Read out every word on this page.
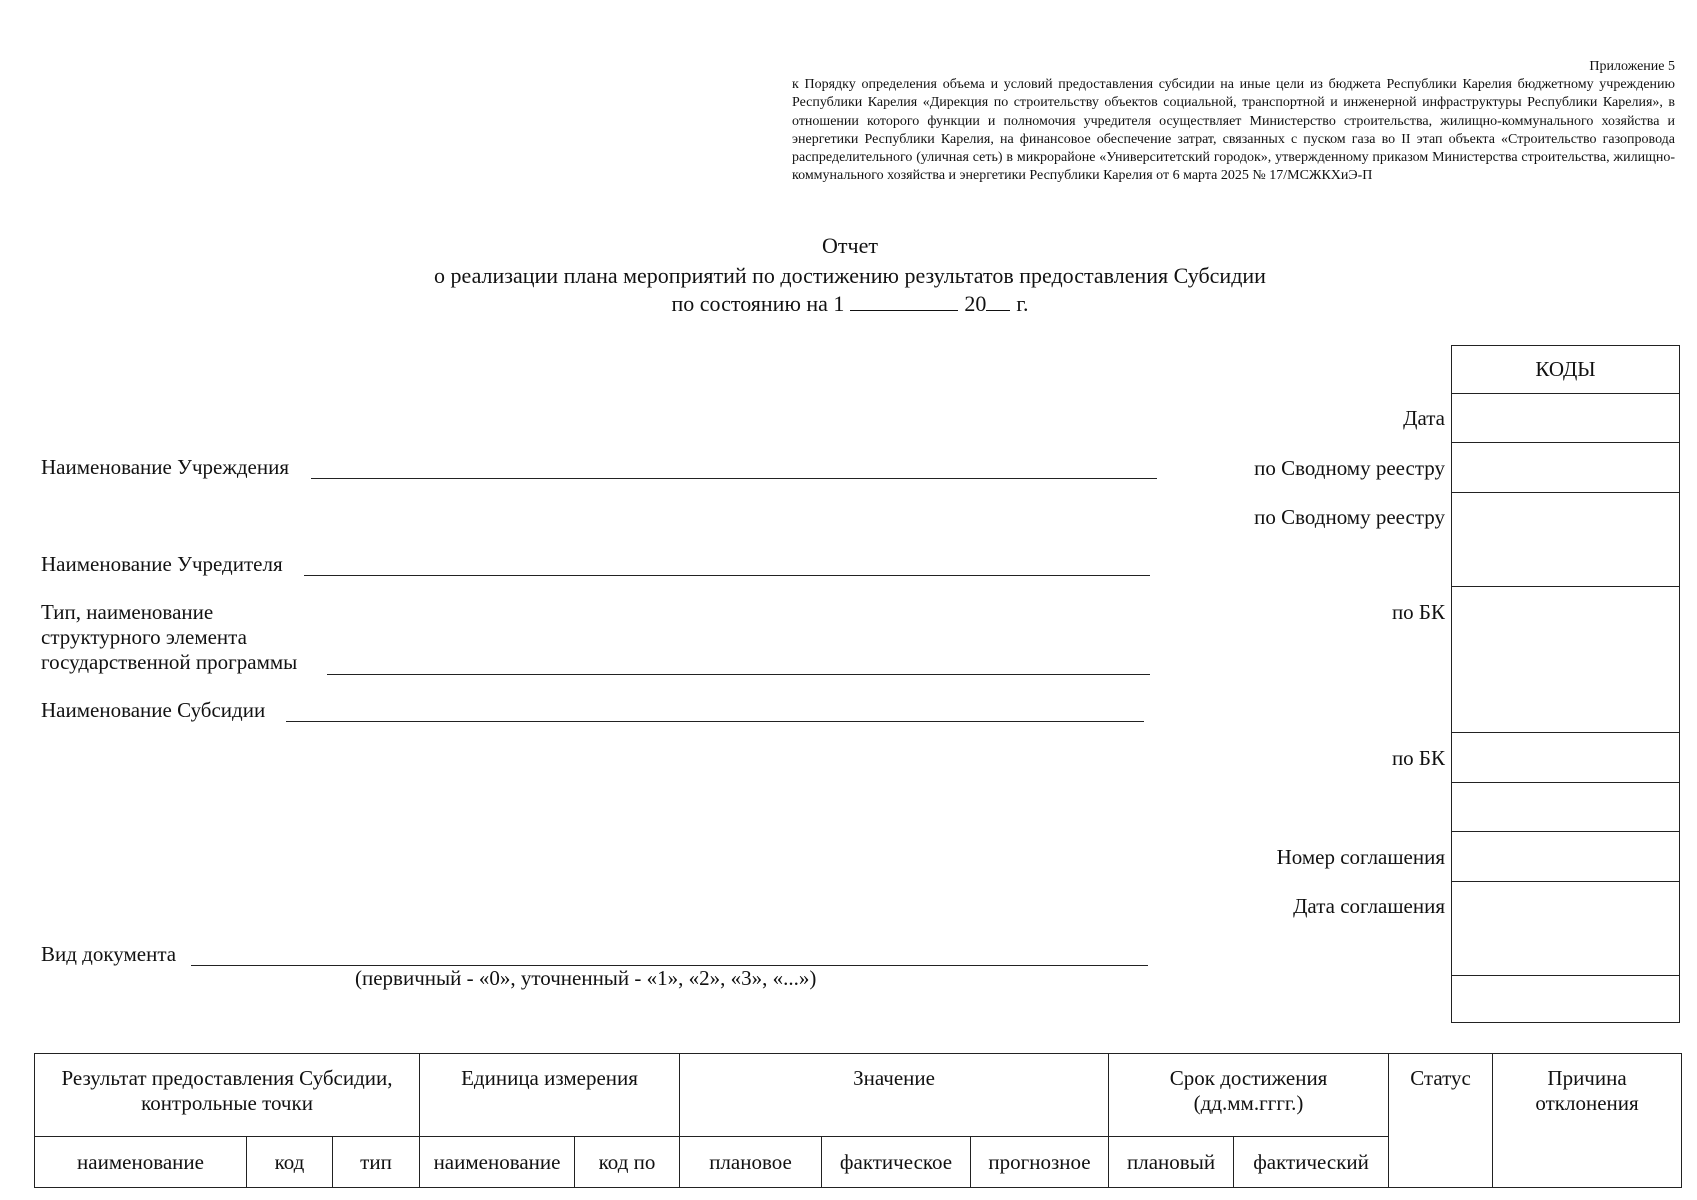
Приложение 5
к Порядку определения объема и условий предоставления субсидии на иные цели из бюджета Республики Карелия бюджетному учреждению Республики Карелия «Дирекция по строительству объектов социальной, транспортной и инженерной инфраструктуры Республики Карелия», в отношении которого функции и полномочия учредителя осуществляет Министерство строительства, жилищно-коммунального хозяйства и энергетики Республики Карелия, на финансовое обеспечение затрат, связанных с пуском газа во II этап объекта «Строительство газопровода распределительного (уличная сеть) в микрорайоне «Университетский городок», утвержденному приказом Министерства строительства, жилищно-коммунального хозяйства и энергетики Республики Карелия от 6 марта 2025 № 17/МСЖКХиЭ-П
Отчет
о реализации плана мероприятий по достижению результатов предоставления Субсидии
по состоянию на 1	20 г.
Наименование Учреждения
Наименование Учредителя
Тип, наименование
структурного элемента
государственной программы
Наименование Субсидии
Вид документа
(первичный - «0», уточненный - «1», «2», «3», «...»)
Дата
по Сводному реестру
по Сводному реестру
по БК
по БК
Номер соглашения
Дата соглашения
КОДЫ
Результат предоставления Субсидии, контрольные точки			Единица измерения		Значение			Срок достижения (дд.мм.гггг.)		Статус	Причина отклонения
наименование	код	тип	наименование	код по	плановое	фактическое	прогнозное	плановый	фактический		
